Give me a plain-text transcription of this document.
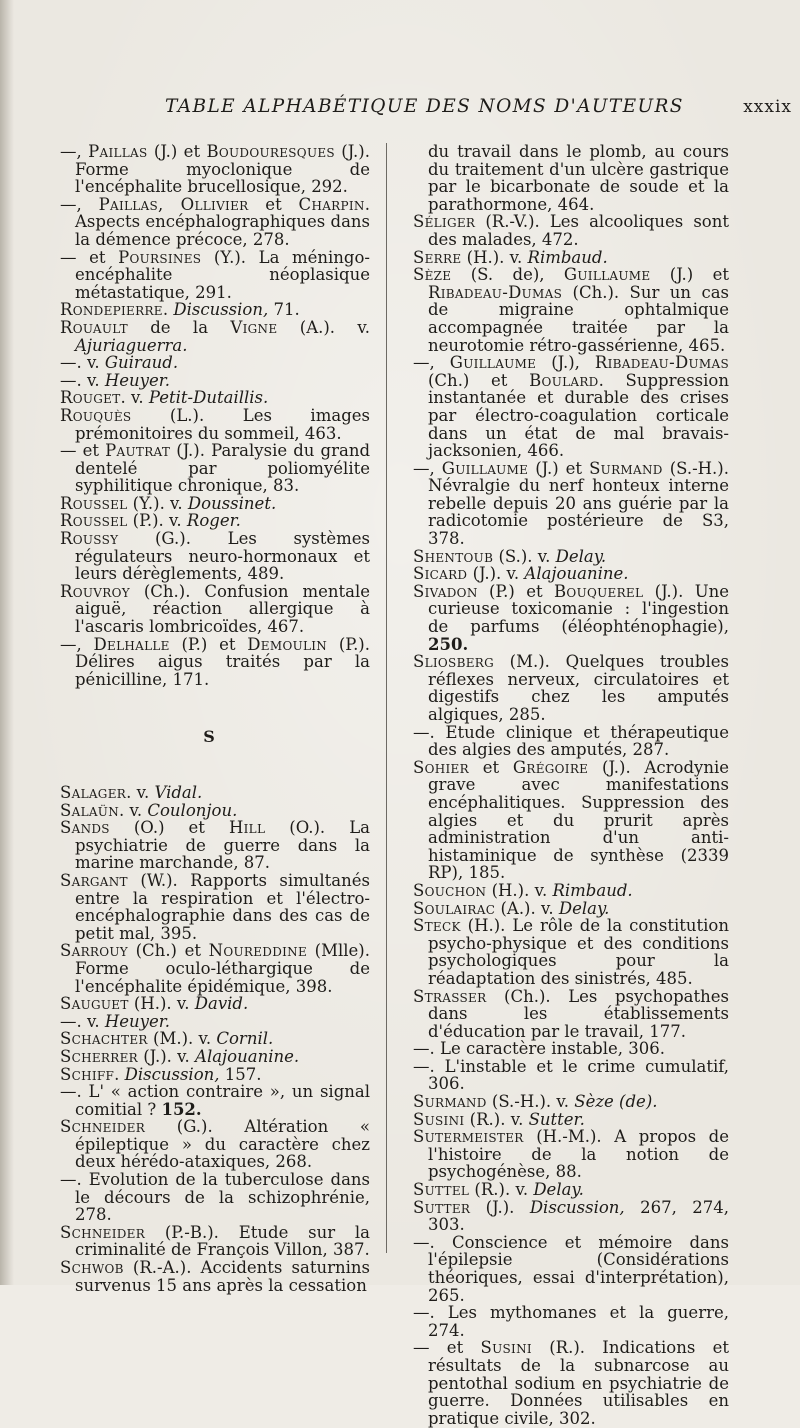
TABLE ALPHABÉTIQUE DES NOMS D'AUTEURS	xxxix

—, Paillas (J.) et Boudouresques (J.). Forme myoclonique de l'encéphalite brucellosique, 292.

—, Paillas, Ollivier et Charpin. Aspects encéphalographiques dans la démence précoce, 278.

— et Poursines (Y.). La méningo-encéphalite néoplasique métastatique, 291.

Rondepierre. Discussion, 71.

Rouault de la Vigne (A.). v. Ajuriaguerra.

—. v. Guiraud.

—. v. Heuyer.

Rouget. v. Petit-Dutaillis.

Rouquès (L.). Les images prémonitoires du sommeil, 463.

— et Pautrat (J.). Paralysie du grand dentelé par poliomyélite syphilitique chronique, 83.

Roussel (Y.). v. Doussinet.

Roussel (P.). v. Roger.

Roussy (G.). Les systèmes régulateurs neuro-hormonaux et leurs dérèglements, 489.

Rouvroy (Ch.). Confusion mentale aiguë, réaction allergique à l'ascaris lombricoïdes, 467.

—, Delhalle (P.) et Demoulin (P.). Délires aigus traités par la pénicilline, 171.

S

Salager. v. Vidal.

Salaün. v. Coulonjou.

Sands (O.) et Hill (O.). La psychiatrie de guerre dans la marine marchande, 87.

Sargant (W.). Rapports simultanés entre la respiration et l'électro-encéphalographie dans des cas de petit mal, 395.

Sarrouy (Ch.) et Noureddine (Mlle). Forme oculo-léthargique de l'encéphalite épidémique, 398.

Sauguet (H.). v. David.

—. v. Heuyer.

Schachter (M.). v. Cornil.

Scherrer (J.). v. Alajouanine.

Schiff. Discussion, 157.

—. L' « action contraire », un signal comitial ? 152.

Schneider (G.). Altération « épileptique » du caractère chez deux hérédo-ataxiques, 268.

—. Evolution de la tuberculose dans le décours de la schizophrénie, 278.

Schneider (P.-B.). Etude sur la criminalité de François Villon, 387.

Schwob (R.-A.). Accidents saturnins survenus 15 ans après la cessation

du travail dans le plomb, au cours du traitement d'un ulcère gastrique par le bicarbonate de soude et la parathormone, 464.

Séliger (R.-V.). Les alcooliques sont des malades, 472.

Serre (H.). v. Rimbaud.

Sèze (S. de), Guillaume (J.) et Ribadeau-Dumas (Ch.). Sur un cas de migraine ophtalmique accompagnée traitée par la neurotomie rétro-gassérienne, 465.

—, Guillaume (J.), Ribadeau-Dumas (Ch.) et Boulard. Suppression instantanée et durable des crises par électro-coagulation corticale dans un état de mal bravais-jacksonien, 466.

—, Guillaume (J.) et Surmand (S.-H.). Névralgie du nerf honteux interne rebelle depuis 20 ans guérie par la radicotomie postérieure de S3, 378.

Shentoub (S.). v. Delay.

Sicard (J.). v. Alajouanine.

Sivadon (P.) et Bouquerel (J.). Une curieuse toxicomanie : l'ingestion de parfums (éléophténophagie), 250.

Sliosberg (M.). Quelques troubles réflexes nerveux, circulatoires et digestifs chez les amputés algiques, 285.

—. Etude clinique et thérapeutique des algies des amputés, 287.

Sohier et Grégoire (J.). Acrodynie grave avec manifestations encéphalitiques. Suppression des algies et du prurit après administration d'un anti-histaminique de synthèse (2339 RP), 185.

Souchon (H.). v. Rimbaud.

Soulairac (A.). v. Delay.

Steck (H.). Le rôle de la constitution psycho-physique et des conditions psychologiques pour la réadaptation des sinistrés, 485.

Strasser (Ch.). Les psychopathes dans les établissements d'éducation par le travail, 177.

—. Le caractère instable, 306.

—. L'instable et le crime cumulatif, 306.

Surmand (S.-H.). v. Sèze (de).

Susini (R.). v. Sutter.

Sutermeister (H.-M.). A propos de l'histoire de la notion de psychogénèse, 88.

Suttel (R.). v. Delay.

Sutter (J.). Discussion, 267, 274, 303.

—. Conscience et mémoire dans l'épilepsie (Considérations théoriques, essai d'interprétation), 265.

—. Les mythomanes et la guerre, 274.

— et Susini (R.). Indications et résultats de la subnarcose au pentothal sodium en psychiatrie de guerre. Données utilisables en pratique civile, 302.
